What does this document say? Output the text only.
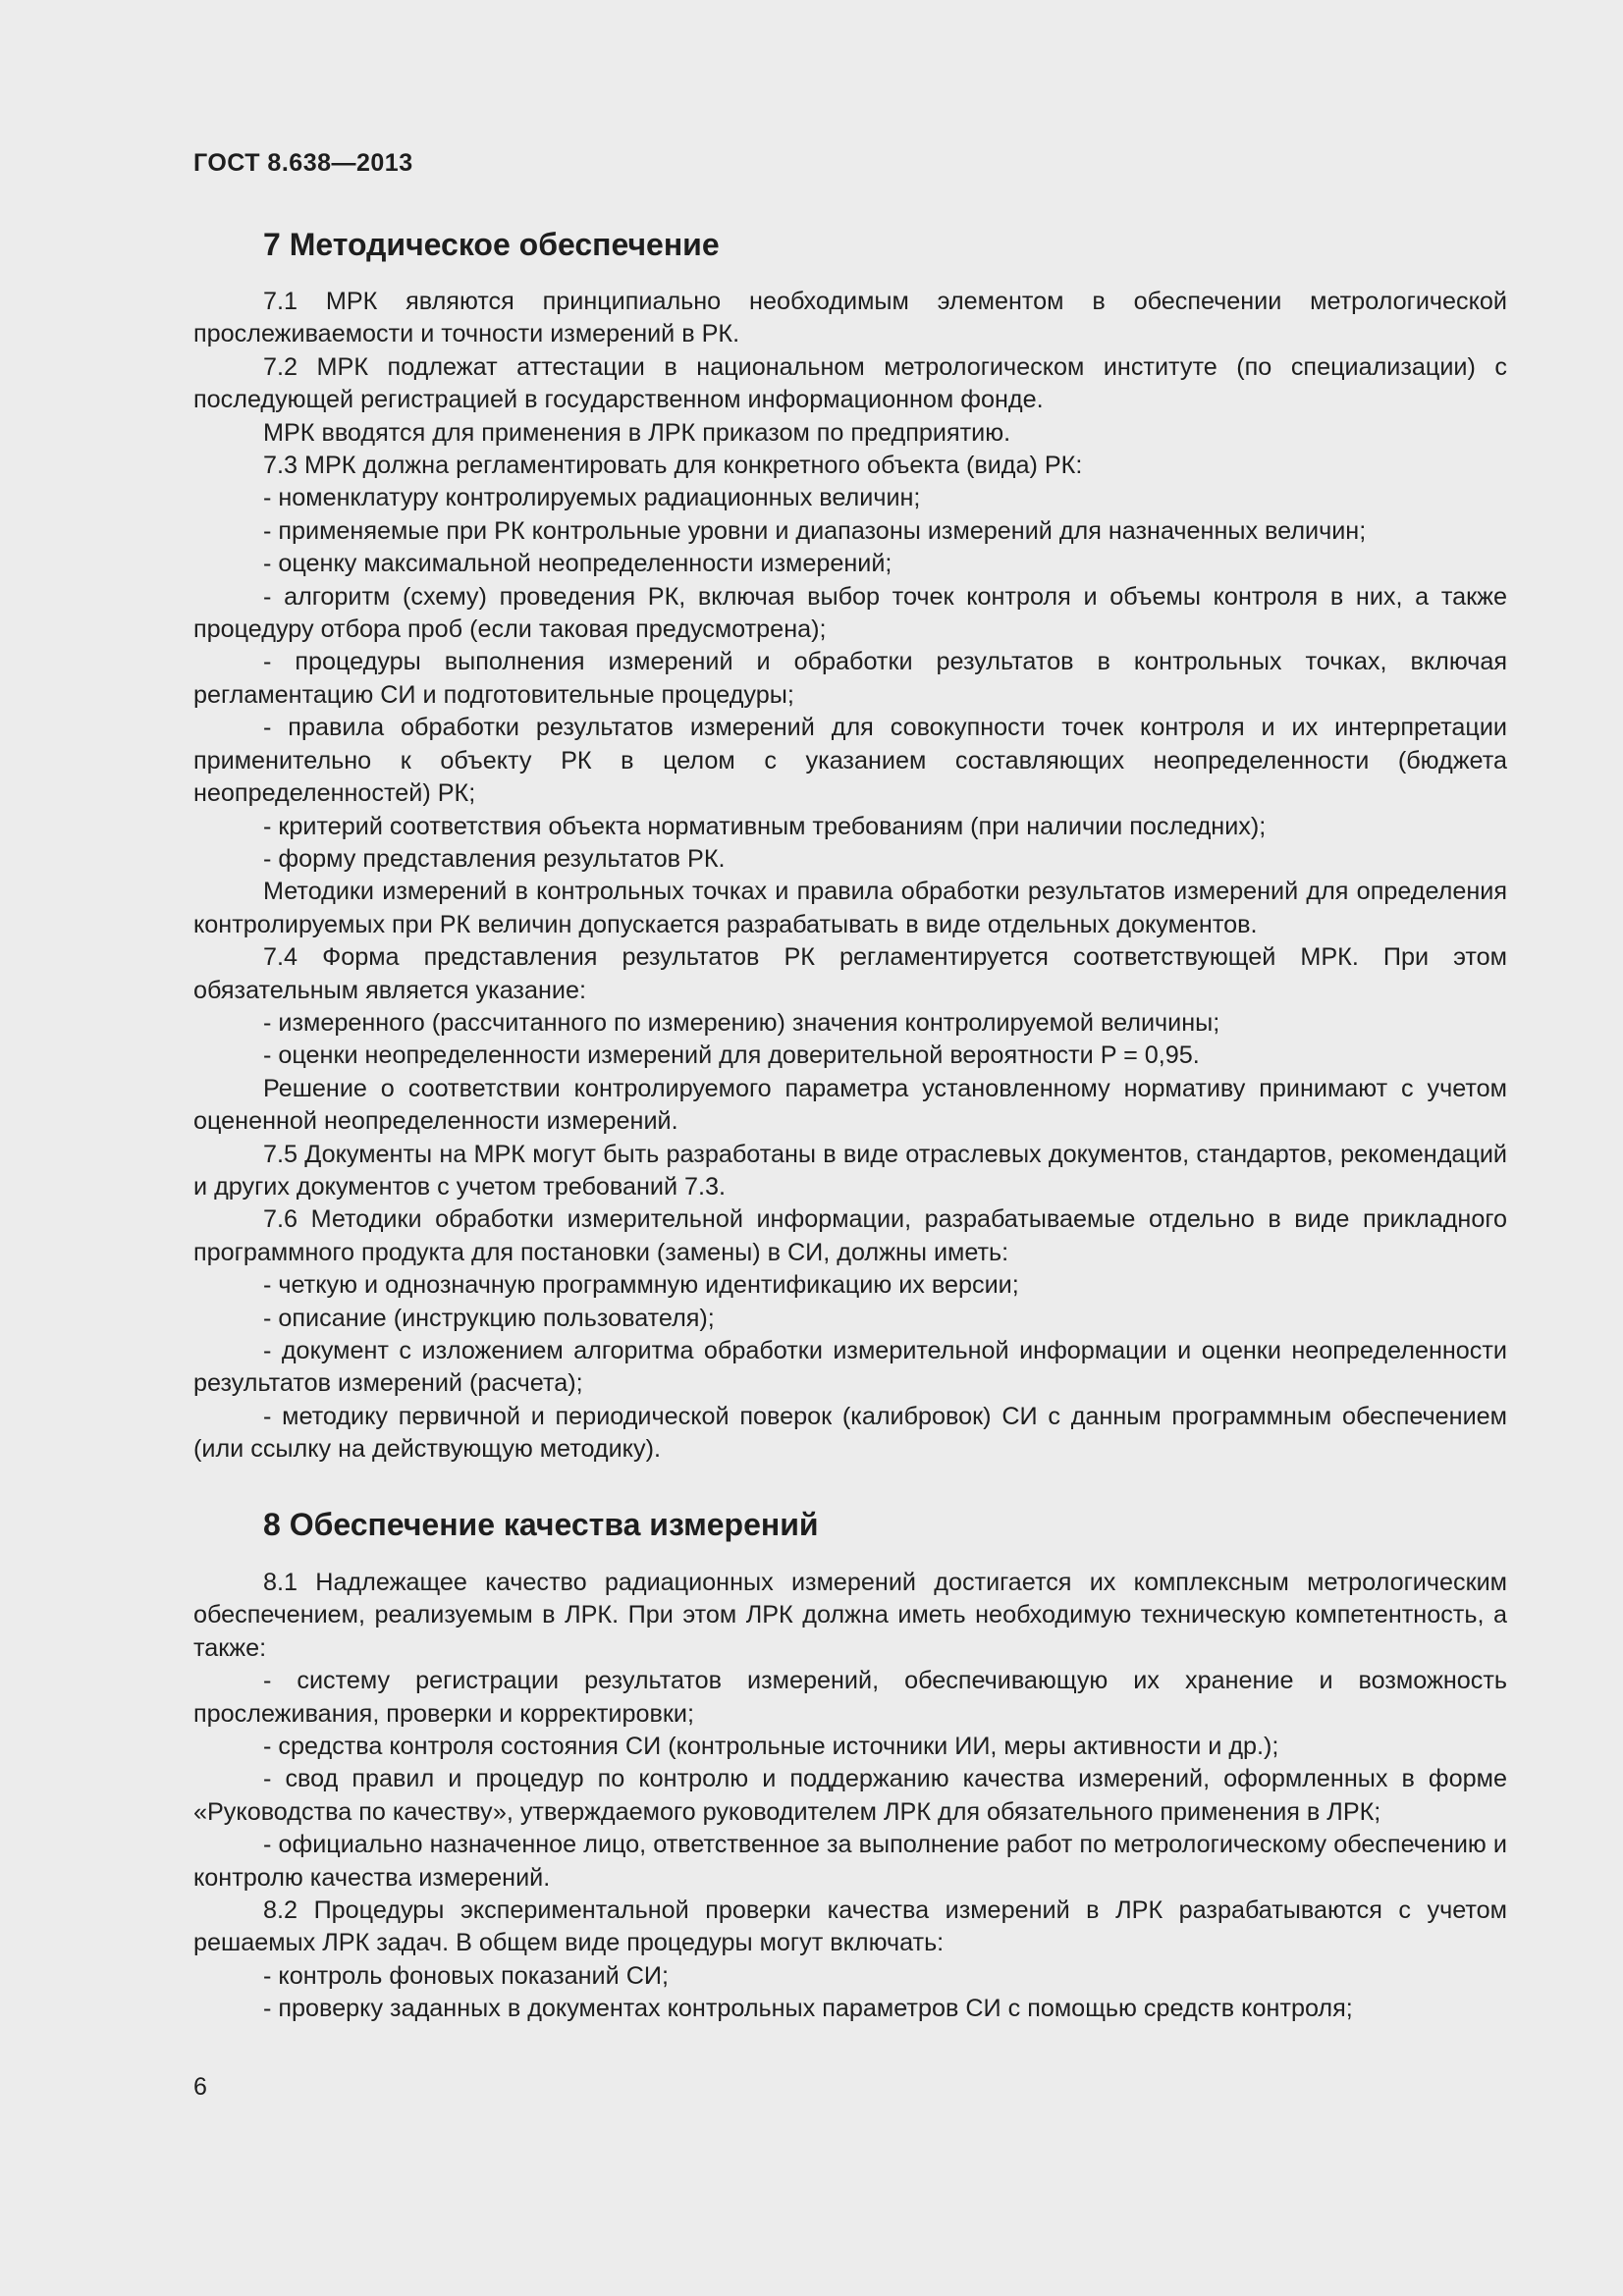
ГОСТ 8.638—2013
7 Методическое обеспечение

7.1 МРК являются принципиально необходимым элементом в обеспечении метрологической прослеживаемости и точности измерений в РК.

7.2 МРК подлежат аттестации в национальном метрологическом институте (по специализации) с последующей регистрацией в государственном информационном фонде.

МРК вводятся для применения в ЛРК приказом по предприятию.

7.3 МРК должна регламентировать для конкретного объекта (вида) РК:

- номенклатуру контролируемых радиационных величин;

- применяемые при РК контрольные уровни и диапазоны измерений для назначенных величин;

- оценку максимальной неопределенности измерений;

- алгоритм (схему) проведения РК, включая выбор точек контроля и объемы контроля в них, а также процедуру отбора проб (если таковая предусмотрена);

- процедуры выполнения измерений и обработки результатов в контрольных точках, включая регламентацию СИ и подготовительные процедуры;

- правила обработки результатов измерений для совокупности точек контроля и их интерпретации применительно к объекту РК в целом с указанием составляющих неопределенности (бюджета неопределенностей) РК;

- критерий соответствия объекта нормативным требованиям (при наличии последних);

- форму представления результатов РК.

Методики измерений в контрольных точках и правила обработки результатов измерений для определения контролируемых при РК величин допускается разрабатывать в виде отдельных документов.

7.4 Форма представления результатов РК регламентируется соответствующей МРК. При этом обязательным является указание:

- измеренного (рассчитанного по измерению) значения контролируемой величины;

- оценки неопределенности измерений для доверительной вероятности P = 0,95.

Решение о соответствии контролируемого параметра установленному нормативу принимают с учетом оцененной неопределенности измерений.

7.5 Документы на МРК могут быть разработаны в виде отраслевых документов, стандартов, рекомендаций и других документов с учетом требований 7.3.

7.6 Методики обработки измерительной информации, разрабатываемые отдельно в виде прикладного программного продукта для постановки (замены) в СИ, должны иметь:

- четкую и однозначную программную идентификацию их версии;

- описание (инструкцию пользователя);

- документ с изложением алгоритма обработки измерительной информации и оценки неопределенности результатов измерений (расчета);

- методику первичной и периодической поверок (калибровок) СИ с данным программным обеспечением (или ссылку на действующую методику).

8 Обеспечение качества измерений

8.1 Надлежащее качество радиационных измерений достигается их комплексным метрологическим обеспечением, реализуемым в ЛРК. При этом ЛРК должна иметь необходимую техническую компетентность, а также:

- систему регистрации результатов измерений, обеспечивающую их хранение и возможность прослеживания, проверки и корректировки;

- средства контроля состояния СИ (контрольные источники ИИ, меры активности и др.);

- свод правил и процедур по контролю и поддержанию качества измерений, оформленных в форме «Руководства по качеству», утверждаемого руководителем ЛРК для обязательного применения в ЛРК;

- официально назначенное лицо, ответственное за выполнение работ по метрологическому обеспечению и контролю качества измерений.

8.2 Процедуры экспериментальной проверки качества измерений в ЛРК разрабатываются с учетом решаемых ЛРК задач. В общем виде процедуры могут включать:

- контроль фоновых показаний СИ;

- проверку заданных в документах контрольных параметров СИ с помощью средств контроля;

6
